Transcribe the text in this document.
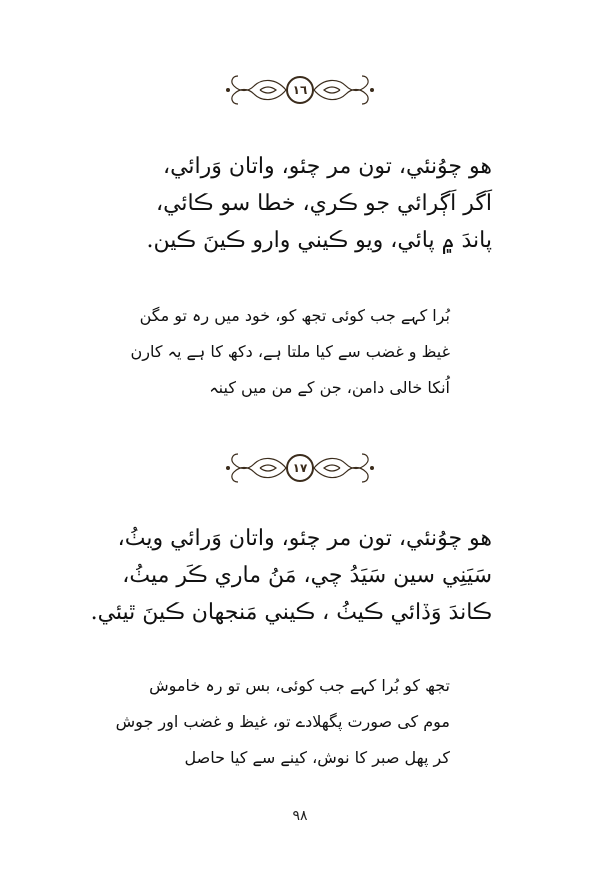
١٦
هو چوُنئي، تون مر چئو، واتان وَرائي،
اَگر اَڳرائي جو ڪري، خطا سو ڪائي،
پاندَ ۾ پائي، ويو ڪيني وارو ڪينَ ڪين.
بُرا کہے جب کوئی تجھ کو، خود میں رہ تو مگن
غیظ و غضب سے کیا ملتا ہے، دکھ کا ہے یہ کارن
اُنکا خالی دامن، جن کے من میں کینہ
١٧
هو چوُنئي، تون مر چئو، واتان وَرائي ويٺُ،
سَيَنِي سين سَيَدُ چي، مَنُ ماري ڪَر ميٺُ،
ڪاندَ وَڏائي ڪيٺُ ، ڪيني مَنجهان ڪينَ ٿيئي.
تجھ کو بُرا کہے جب کوئی، بس تو رہ خاموش
موم کی صورت پگھلادے تو، غیظ و غضب اور جوش
کر پھل صبر کا نوش، کینے سے کیا حاصل
٩٨
